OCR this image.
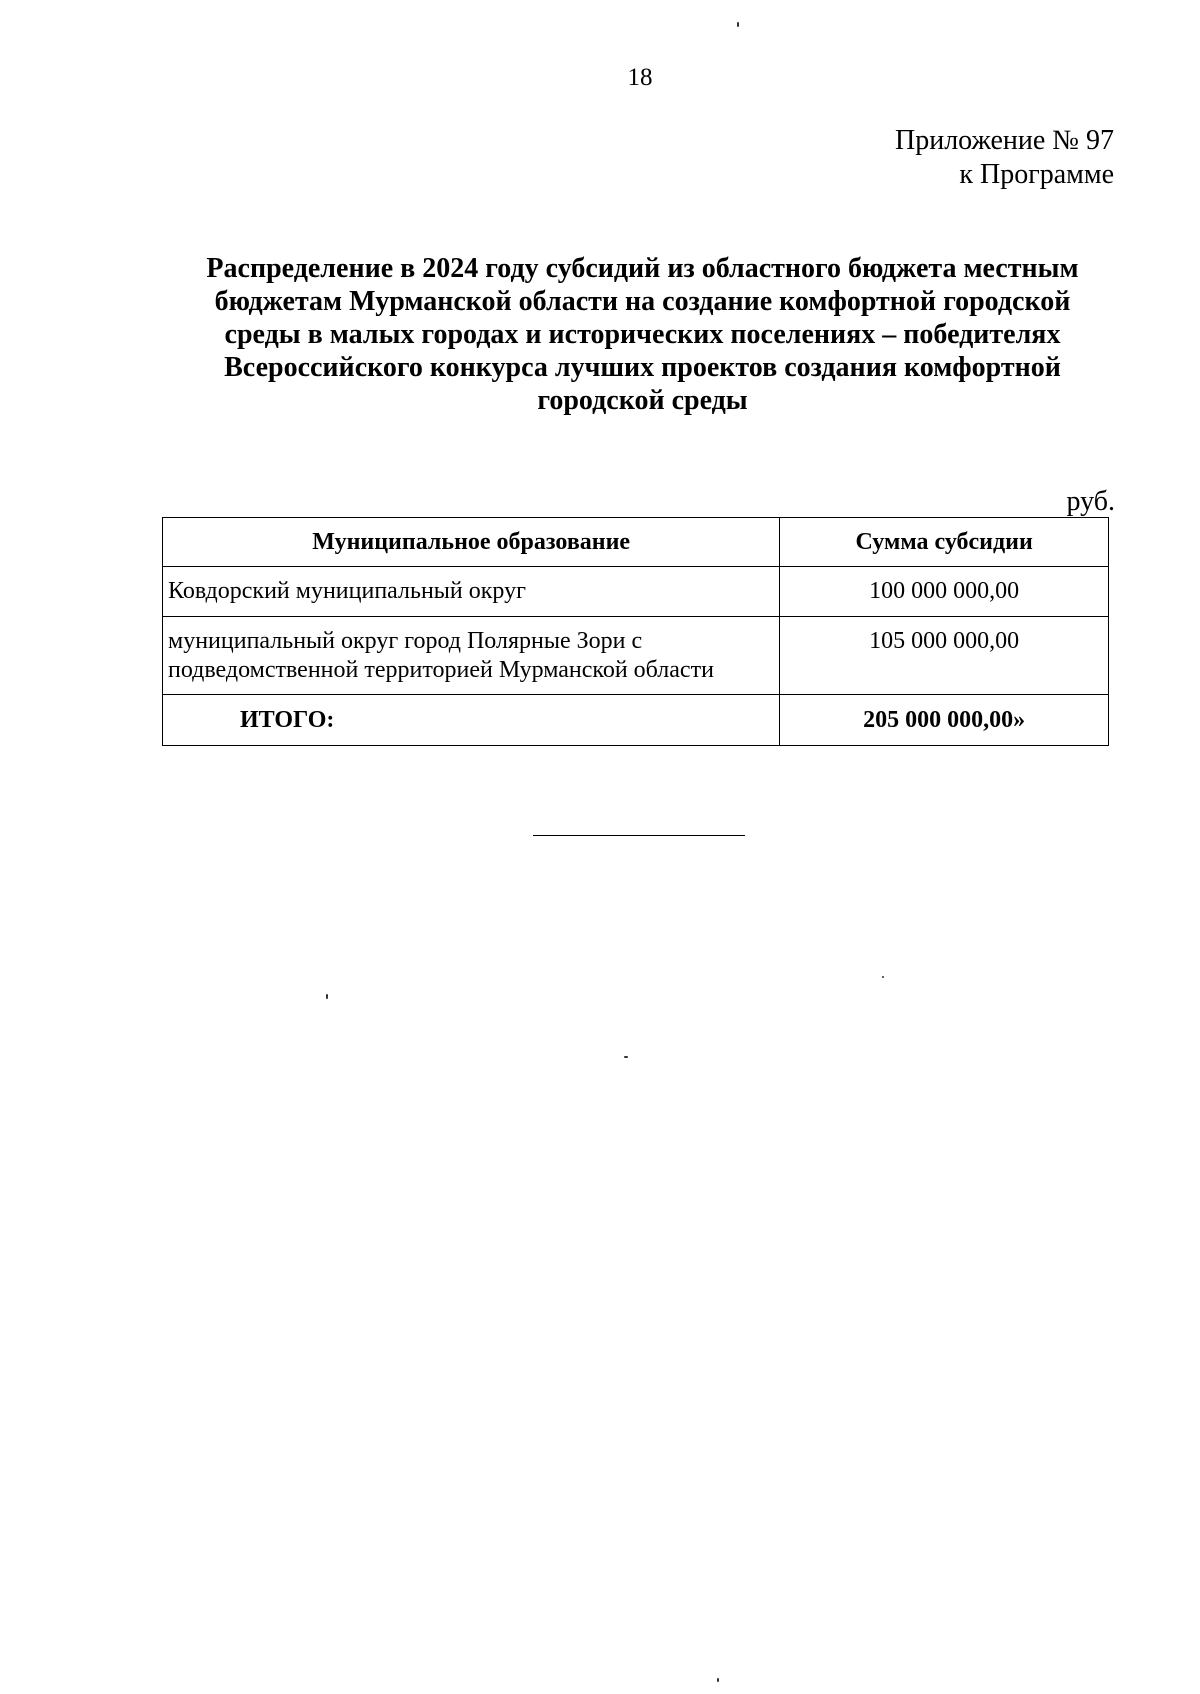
18
Приложение № 97
к Программе
Распределение в 2024 году субсидий из областного бюджета местным
бюджетам Мурманской области на создание комфортной городской
среды в малых городах и исторических поселениях – победителях
Всероссийского конкурса лучших проектов создания комфортной
городской среды
руб.
Муниципальное образование	Сумма субсидии
Ковдорский муниципальный округ	100 000 000,00

муниципальный округ город Полярные Зори с
подведомственной территорией Мурманской области	105 000 000,00
ИТОГО:	205 000 000,00»
